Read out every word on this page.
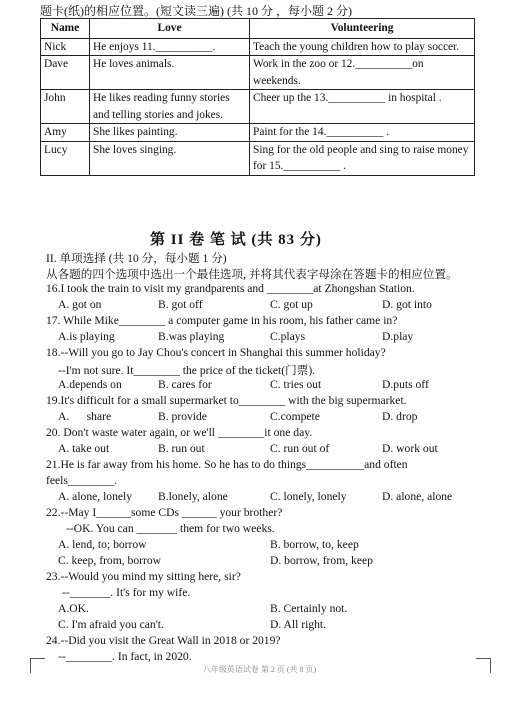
题卡(纸)的相应位置。(短文读三遍) (共 10 分 ，每小题 2 分)
Name	Love	Volunteering
Nick	He enjoys 11.__________.	Teach the young children how to play soccer.
Dave	He loves animals.	Work in the zoo or 12.__________on weekends.
John	He likes reading funny stories and telling stories and jokes.	Cheer up the 13.__________ in hospital .
Amy	She likes painting.	Paint for the 14.__________ .
Lucy	She loves singing.	Sing for the old people and sing to raise money for 15.__________ .
第 II 卷 笔 试 (共 83 分)
II. 单项选择 (共 10 分，每小题 1 分)
从各题的四个选项中选出一个最佳选项, 并将其代表字母涂在答题卡的相应位置。
16.I took the train to visit my grandparents and ________at Zhongshan Station.
A. got on	B. got off	C. got up	D. got into
17. While Mike________ a computer game in his room, his father came in?
A.is playing	B.was playing	C.plays	D.play
18.--Will you go to Jay Chou's concert in Shanghai this summer holiday?
--I'm not sure. It________ the price of the ticket(门票).
A.depends on	B. cares for	C. tries out	D.puts off
19.It's difficult for a small supermarket to________ with the big supermarket.
A.      share	B. provide	C.compete	D. drop
20. Don't waste water again, or we'll ________it one day.
A. take out	B. run out	C. run out of	D. work out
21.He is far away from his home. So he has to do things__________and often
feels________.
A. alone, lonely B.lonely, alone	C. lonely, lonely	D. alone, alone
22.--May I______some CDs ______ your brother?
--OK. You can _______ them for two weeks.
A. lend, to; borrow	B. borrow, to, keep
C. keep, from, borrow	D. borrow, from, keep
23.--Would you mind my sitting here, sir?
--_______. It's for my wife.
A.OK.	B. Certainly not.
C. I'm afraid you can't.	D. All right.
24.--Did you visit the Great Wall in 2018 or 2019?
--________. In fact, in 2020.
八年级英语试卷 第 2 页 (共 8 页)
